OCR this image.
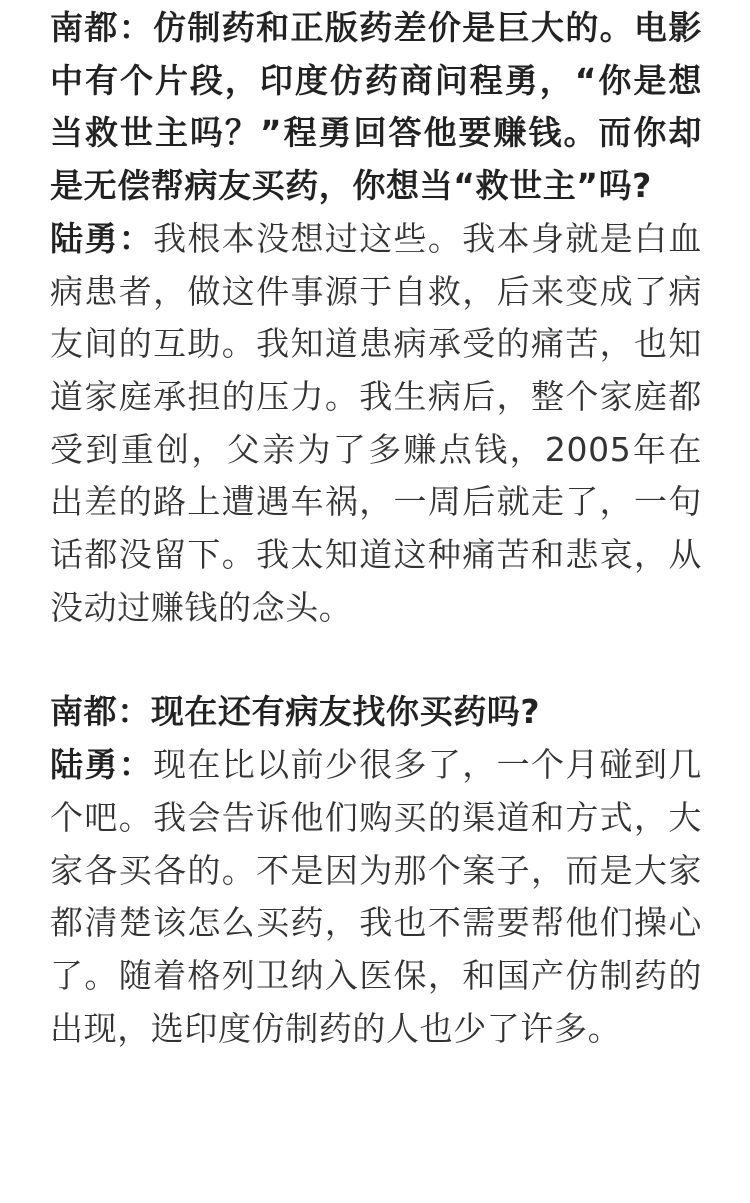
南都：仿制药和正版药差价是巨大的。电影中有个片段，印度仿药商问程勇，“你是想当救世主吗？”程勇回答他要赚钱。而你却是无偿帮病友买药，你想当“救世主”吗?

陆勇：我根本没想过这些。我本身就是白血病患者，做这件事源于自救，后来变成了病友间的互助。我知道患病承受的痛苦，也知道家庭承担的压力。我生病后，整个家庭都受到重创，父亲为了多赚点钱，2005年在出差的路上遭遇车祸，一周后就走了，一句话都没留下。我太知道这种痛苦和悲哀，从没动过赚钱的念头。

南都：现在还有病友找你买药吗?

陆勇：现在比以前少很多了，一个月碰到几个吧。我会告诉他们购买的渠道和方式，大家各买各的。不是因为那个案子，而是大家都清楚该怎么买药，我也不需要帮他们操心了。随着格列卫纳入医保，和国产仿制药的出现，选印度仿制药的人也少了许多。
